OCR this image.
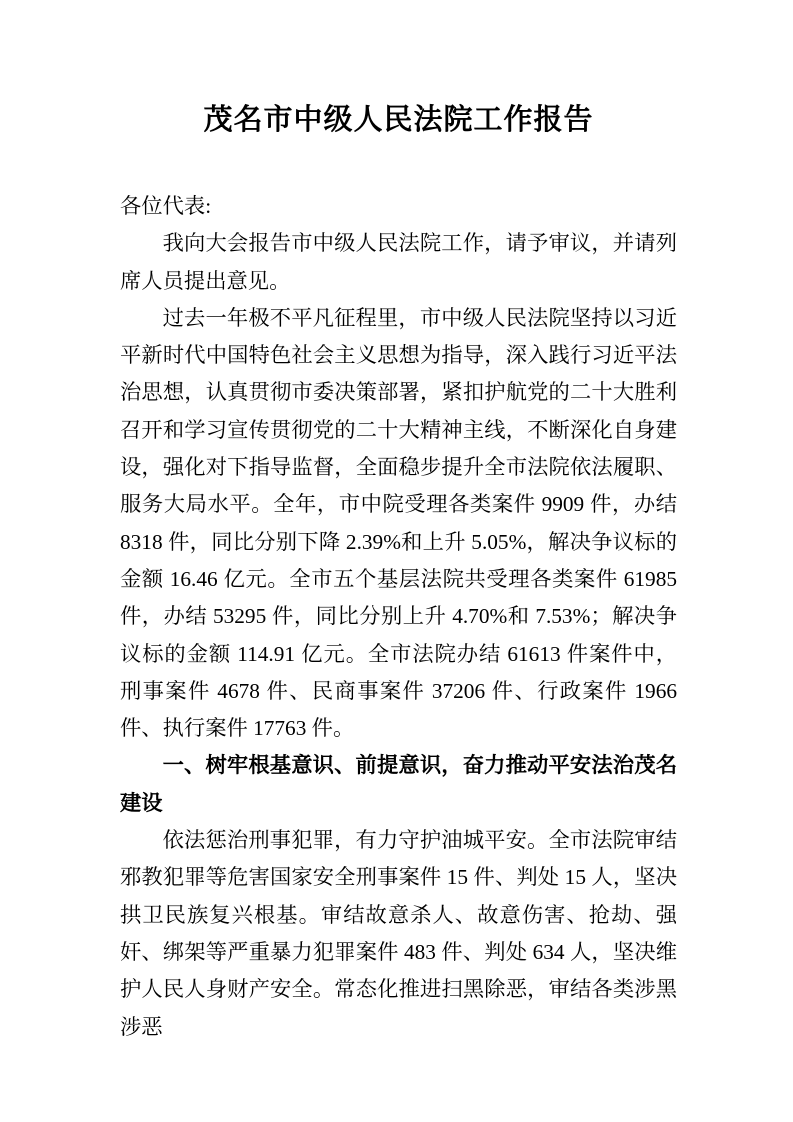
茂名市中级人民法院工作报告

各位代表:

我向大会报告市中级人民法院工作，请予审议，并请列席人员提出意见。

过去一年极不平凡征程里，市中级人民法院坚持以习近平新时代中国特色社会主义思想为指导，深入践行习近平法治思想，认真贯彻市委决策部署，紧扣护航党的二十大胜利召开和学习宣传贯彻党的二十大精神主线，不断深化自身建设，强化对下指导监督，全面稳步提升全市法院依法履职、服务大局水平。全年，市中院受理各类案件 9909 件，办结 8318 件，同比分别下降 2.39%和上升 5.05%，解决争议标的金额 16.46 亿元。全市五个基层法院共受理各类案件 61985 件，办结 53295 件，同比分别上升 4.70%和 7.53%；解决争议标的金额 114.91 亿元。全市法院办结 61613 件案件中，刑事案件 4678 件、民商事案件 37206 件、行政案件 1966 件、执行案件 17763 件。

一、树牢根基意识、前提意识，奋力推动平安法治茂名建设

依法惩治刑事犯罪，有力守护油城平安。全市法院审结邪教犯罪等危害国家安全刑事案件 15 件、判处 15 人，坚决拱卫民族复兴根基。审结故意杀人、故意伤害、抢劫、强奸、绑架等严重暴力犯罪案件 483 件、判处 634 人，坚决维护人民人身财产安全。常态化推进扫黑除恶，审结各类涉黑涉恶
